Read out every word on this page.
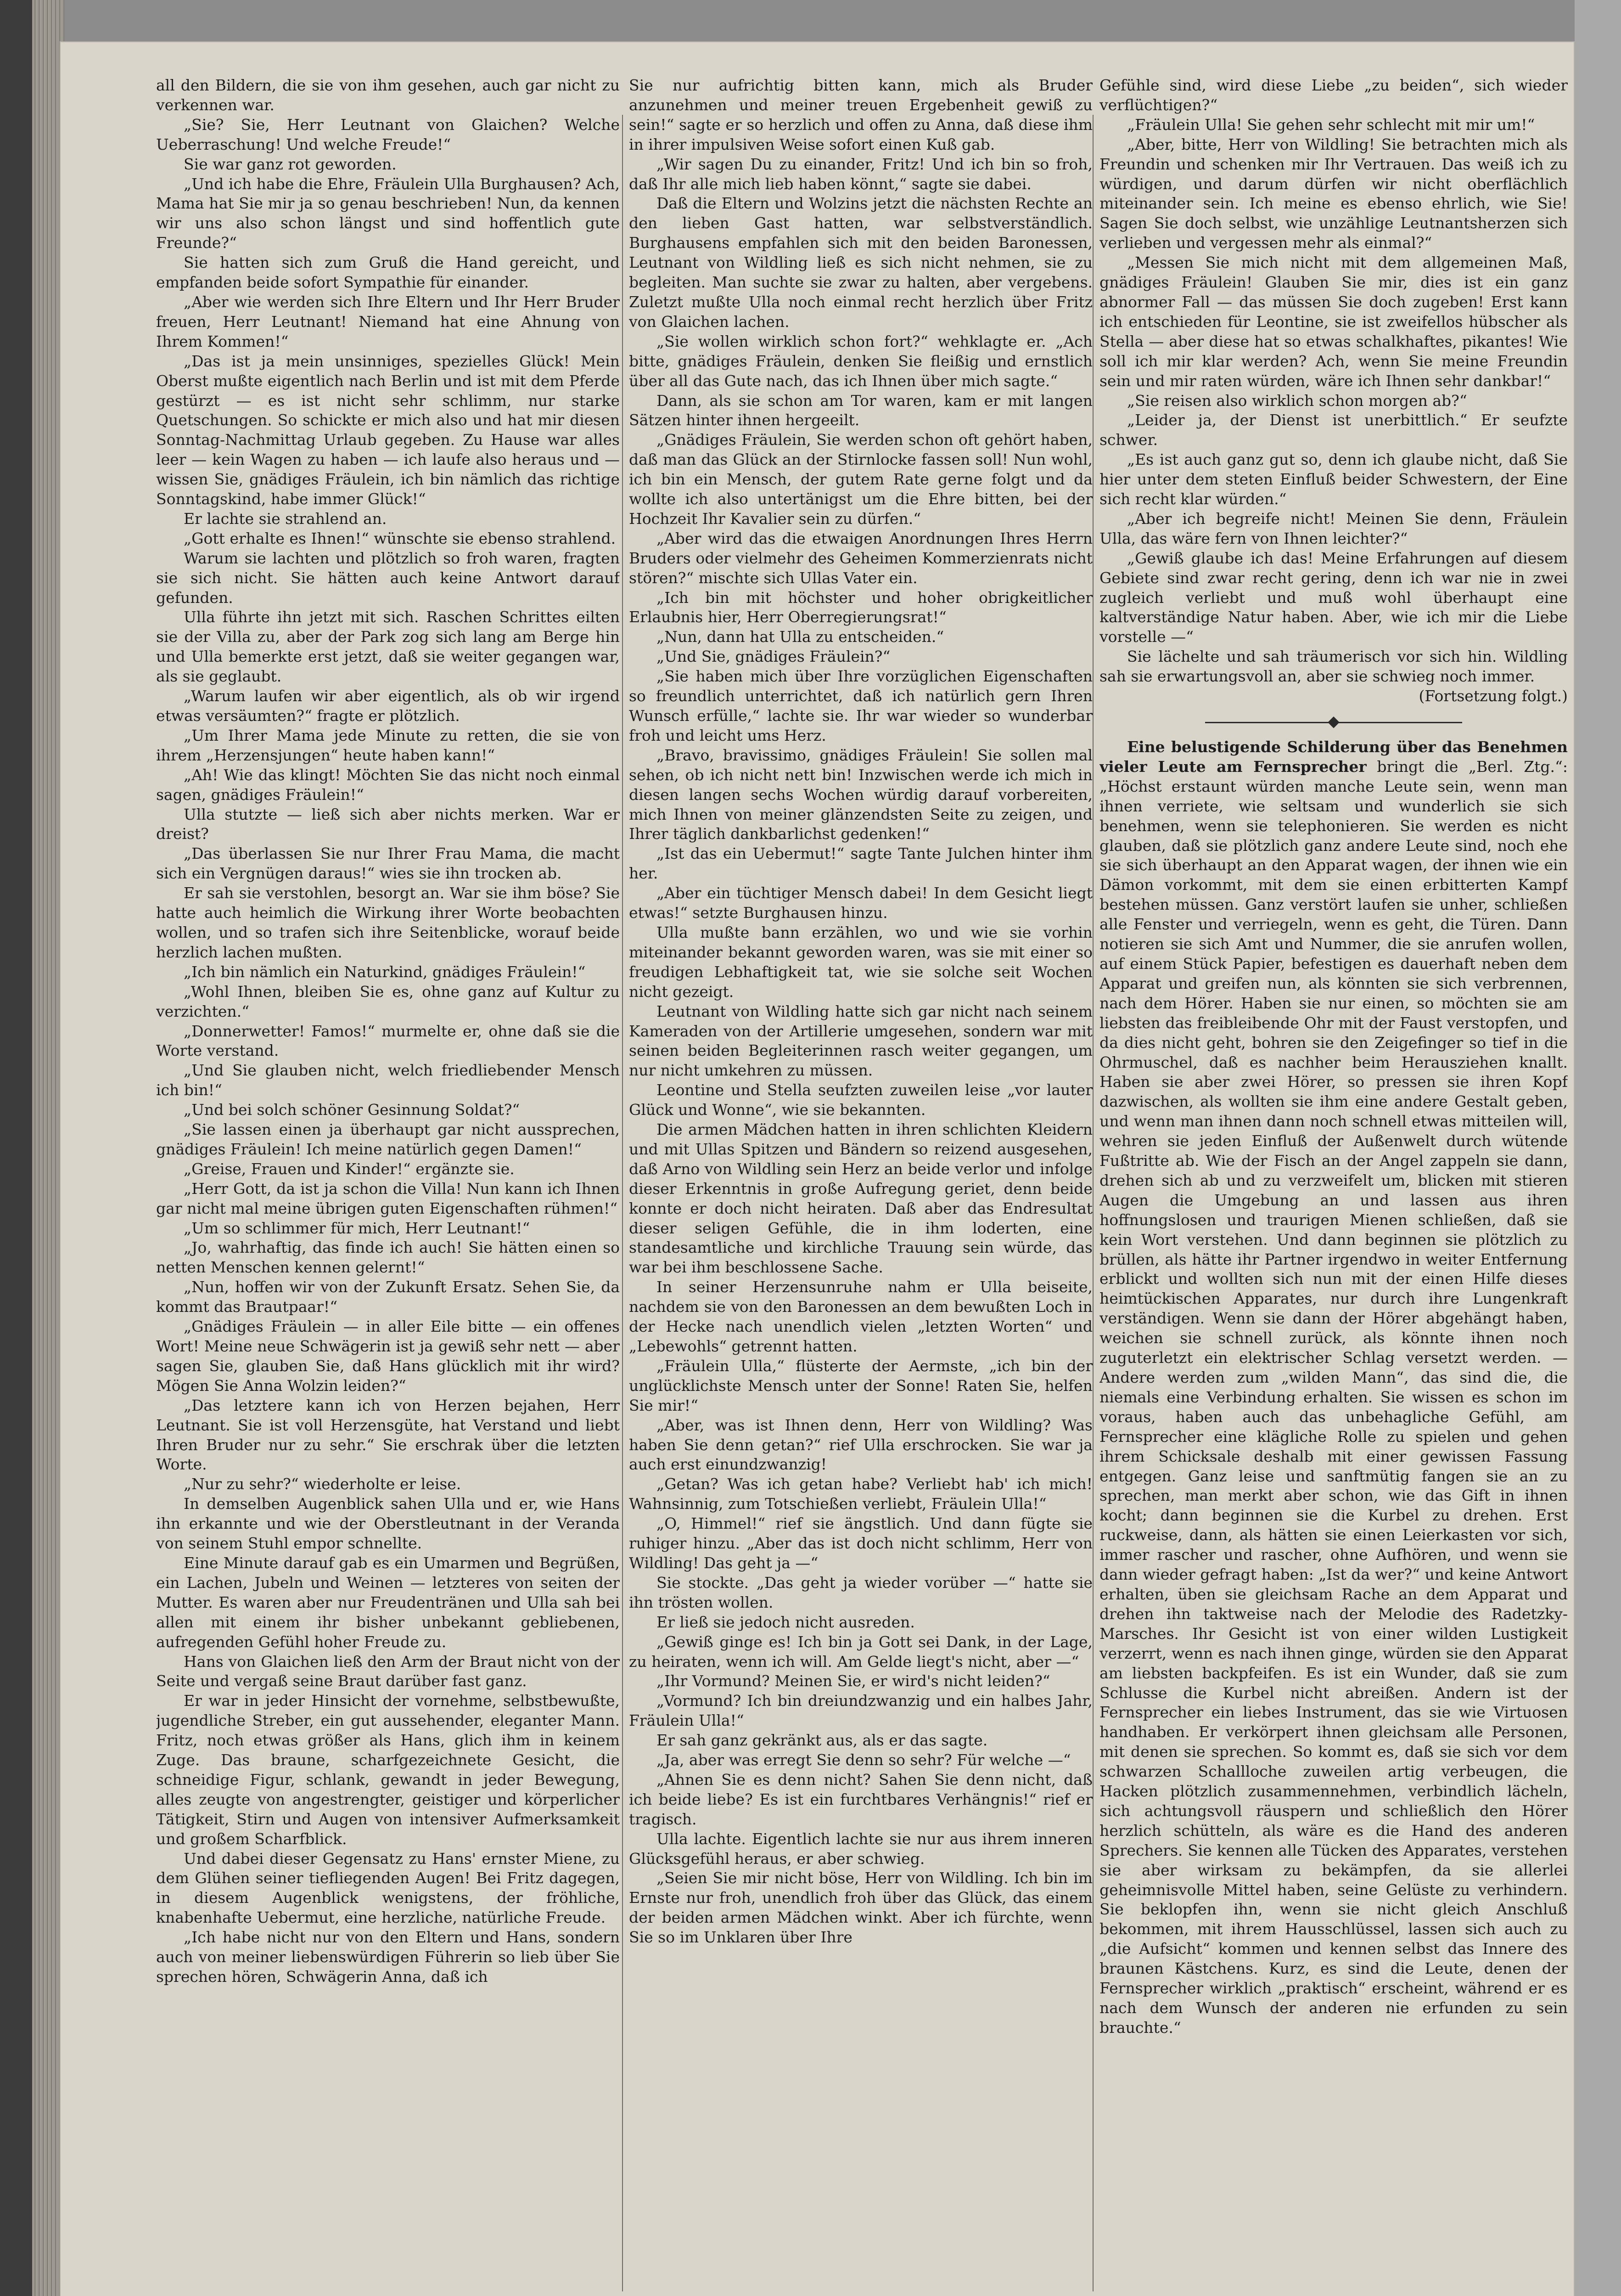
all den Bildern, die sie von ihm gesehen, auch gar nicht zu verkennen war.

„Sie? Sie, Herr Leutnant von Glaichen? Welche Ueberraschung! Und welche Freude!“

Sie war ganz rot geworden.

„Und ich habe die Ehre, Fräulein Ulla Burghausen? Ach, Mama hat Sie mir ja so genau beschrieben! Nun, da kennen wir uns also schon längst und sind hoffentlich gute Freunde?“

Sie hatten sich zum Gruß die Hand gereicht, und empfanden beide sofort Sympathie für einander.

„Aber wie werden sich Ihre Eltern und Ihr Herr Bruder freuen, Herr Leutnant! Niemand hat eine Ahnung von Ihrem Kommen!“

„Das ist ja mein unsinniges, spezielles Glück! Mein Oberst mußte eigentlich nach Berlin und ist mit dem Pferde gestürzt — es ist nicht sehr schlimm, nur starke Quetschungen. So schickte er mich also und hat mir diesen Sonntag-Nachmittag Urlaub gegeben. Zu Hause war alles leer — kein Wagen zu haben — ich laufe also heraus und — wissen Sie, gnädiges Fräulein, ich bin nämlich das richtige Sonntagskind, habe immer Glück!“

Er lachte sie strahlend an.

„Gott erhalte es Ihnen!“ wünschte sie ebenso strahlend.

Warum sie lachten und plötzlich so froh waren, fragten sie sich nicht. Sie hätten auch keine Antwort darauf gefunden.

Ulla führte ihn jetzt mit sich. Raschen Schrittes eilten sie der Villa zu, aber der Park zog sich lang am Berge hin und Ulla bemerkte erst jetzt, daß sie weiter gegangen war, als sie geglaubt.

„Warum laufen wir aber eigentlich, als ob wir irgend etwas versäumten?“ fragte er plötzlich.

„Um Ihrer Mama jede Minute zu retten, die sie von ihrem „Herzensjungen“ heute haben kann!“

„Ah! Wie das klingt! Möchten Sie das nicht noch einmal sagen, gnädiges Fräulein!“

Ulla stutzte — ließ sich aber nichts merken. War er dreist?

„Das überlassen Sie nur Ihrer Frau Mama, die macht sich ein Vergnügen daraus!“ wies sie ihn trocken ab.

Er sah sie verstohlen, besorgt an. War sie ihm böse? Sie hatte auch heimlich die Wirkung ihrer Worte beobachten wollen, und so trafen sich ihre Seitenblicke, worauf beide herzlich lachen mußten.

„Ich bin nämlich ein Naturkind, gnädiges Fräulein!“

„Wohl Ihnen, bleiben Sie es, ohne ganz auf Kultur zu verzichten.“

„Donnerwetter! Famos!“ murmelte er, ohne daß sie die Worte verstand.

„Und Sie glauben nicht, welch friedliebender Mensch ich bin!“

„Und bei solch schöner Gesinnung Soldat?“

„Sie lassen einen ja überhaupt gar nicht aussprechen, gnädiges Fräulein! Ich meine natürlich gegen Damen!“

„Greise, Frauen und Kinder!“ ergänzte sie.

„Herr Gott, da ist ja schon die Villa! Nun kann ich Ihnen gar nicht mal meine übrigen guten Eigenschaften rühmen!“

„Um so schlimmer für mich, Herr Leutnant!“

„Jo, wahrhaftig, das finde ich auch! Sie hätten einen so netten Menschen kennen gelernt!“

„Nun, hoffen wir von der Zukunft Ersatz. Sehen Sie, da kommt das Brautpaar!“

„Gnädiges Fräulein — in aller Eile bitte — ein offenes Wort! Meine neue Schwägerin ist ja gewiß sehr nett — aber sagen Sie, glauben Sie, daß Hans glücklich mit ihr wird? Mögen Sie Anna Wolzin leiden?“

„Das letztere kann ich von Herzen bejahen, Herr Leutnant. Sie ist voll Herzensgüte, hat Verstand und liebt Ihren Bruder nur zu sehr.“ Sie erschrak über die letzten Worte.

„Nur zu sehr?“ wiederholte er leise.

In demselben Augenblick sahen Ulla und er, wie Hans ihn erkannte und wie der Oberstleutnant in der Veranda von seinem Stuhl empor schnellte.

Eine Minute darauf gab es ein Umarmen und Begrüßen, ein Lachen, Jubeln und Weinen — letzteres von seiten der Mutter. Es waren aber nur Freudentränen und Ulla sah bei allen mit einem ihr bisher unbekannt gebliebenen, aufregenden Gefühl hoher Freude zu.

Hans von Glaichen ließ den Arm der Braut nicht von der Seite und vergaß seine Braut darüber fast ganz.

Er war in jeder Hinsicht der vornehme, selbstbewußte, jugendliche Streber, ein gut aussehender, eleganter Mann. Fritz, noch etwas größer als Hans, glich ihm in keinem Zuge. Das braune, scharfgezeichnete Gesicht, die schneidige Figur, schlank, gewandt in jeder Bewegung, alles zeugte von angestrengter, geistiger und körperlicher Tätigkeit, Stirn und Augen von intensiver Aufmerksamkeit und großem Scharfblick.

Und dabei dieser Gegensatz zu Hans' ernster Miene, zu dem Glühen seiner tiefliegenden Augen! Bei Fritz dagegen, in diesem Augenblick wenigstens, der fröhliche, knabenhafte Uebermut, eine herzliche, natürliche Freude.

„Ich habe nicht nur von den Eltern und Hans, sondern auch von meiner liebenswürdigen Führerin so lieb über Sie sprechen hören, Schwägerin Anna, daß ich

Sie nur aufrichtig bitten kann, mich als Bruder anzunehmen und meiner treuen Ergebenheit gewiß zu sein!“ sagte er so herzlich und offen zu Anna, daß diese ihm in ihrer impulsiven Weise sofort einen Kuß gab.

„Wir sagen Du zu einander, Fritz! Und ich bin so froh, daß Ihr alle mich lieb haben könnt,“ sagte sie dabei.

Daß die Eltern und Wolzins jetzt die nächsten Rechte an den lieben Gast hatten, war selbstverständlich. Burghausens empfahlen sich mit den beiden Baronessen, Leutnant von Wildling ließ es sich nicht nehmen, sie zu begleiten. Man suchte sie zwar zu halten, aber vergebens. Zuletzt mußte Ulla noch einmal recht herzlich über Fritz von Glaichen lachen.

„Sie wollen wirklich schon fort?“ wehklagte er. „Ach bitte, gnädiges Fräulein, denken Sie fleißig und ernstlich über all das Gute nach, das ich Ihnen über mich sagte.“

Dann, als sie schon am Tor waren, kam er mit langen Sätzen hinter ihnen hergeeilt.

„Gnädiges Fräulein, Sie werden schon oft gehört haben, daß man das Glück an der Stirnlocke fassen soll! Nun wohl, ich bin ein Mensch, der gutem Rate gerne folgt und da wollte ich also untertänigst um die Ehre bitten, bei der Hochzeit Ihr Kavalier sein zu dürfen.“

„Aber wird das die etwaigen Anordnungen Ihres Herrn Bruders oder vielmehr des Geheimen Kommerzienrats nicht stören?“ mischte sich Ullas Vater ein.

„Ich bin mit höchster und hoher obrigkeitlicher Erlaubnis hier, Herr Oberregierungsrat!“

„Nun, dann hat Ulla zu entscheiden.“

„Und Sie, gnädiges Fräulein?“

„Sie haben mich über Ihre vorzüglichen Eigenschaften so freundlich unterrichtet, daß ich natürlich gern Ihren Wunsch erfülle,“ lachte sie. Ihr war wieder so wunderbar froh und leicht ums Herz.

„Bravo, bravissimo, gnädiges Fräulein! Sie sollen mal sehen, ob ich nicht nett bin! Inzwischen werde ich mich in diesen langen sechs Wochen würdig darauf vorbereiten, mich Ihnen von meiner glänzendsten Seite zu zeigen, und Ihrer täglich dankbarlichst gedenken!“

„Ist das ein Uebermut!“ sagte Tante Julchen hinter ihm her.

„Aber ein tüchtiger Mensch dabei! In dem Gesicht liegt etwas!“ setzte Burghausen hinzu.

Ulla mußte bann erzählen, wo und wie sie vorhin miteinander bekannt geworden waren, was sie mit einer so freudigen Lebhaftigkeit tat, wie sie solche seit Wochen nicht gezeigt.

Leutnant von Wildling hatte sich gar nicht nach seinem Kameraden von der Artillerie umgesehen, sondern war mit seinen beiden Begleiterinnen rasch weiter gegangen, um nur nicht umkehren zu müssen.

Leontine und Stella seufzten zuweilen leise „vor lauter Glück und Wonne“, wie sie bekannten.

Die armen Mädchen hatten in ihren schlichten Kleidern und mit Ullas Spitzen und Bändern so reizend ausgesehen, daß Arno von Wildling sein Herz an beide verlor und infolge dieser Erkenntnis in große Aufregung geriet, denn beide konnte er doch nicht heiraten. Daß aber das Endresultat dieser seligen Gefühle, die in ihm loderten, eine standesamtliche und kirchliche Trauung sein würde, das war bei ihm beschlossene Sache.

In seiner Herzensunruhe nahm er Ulla beiseite, nachdem sie von den Baronessen an dem bewußten Loch in der Hecke nach unendlich vielen „letzten Worten“ und „Lebewohls“ getrennt hatten.

„Fräulein Ulla,“ flüsterte der Aermste, „ich bin der unglücklichste Mensch unter der Sonne! Raten Sie, helfen Sie mir!“

„Aber, was ist Ihnen denn, Herr von Wildling? Was haben Sie denn getan?“ rief Ulla erschrocken. Sie war ja auch erst einundzwanzig!

„Getan? Was ich getan habe? Verliebt hab' ich mich! Wahnsinnig, zum Totschießen verliebt, Fräulein Ulla!“

„O, Himmel!“ rief sie ängstlich. Und dann fügte sie ruhiger hinzu. „Aber das ist doch nicht schlimm, Herr von Wildling! Das geht ja —“

Sie stockte. „Das geht ja wieder vorüber —“ hatte sie ihn trösten wollen.

Er ließ sie jedoch nicht ausreden.

„Gewiß ginge es! Ich bin ja Gott sei Dank, in der Lage, zu heiraten, wenn ich will. Am Gelde liegt's nicht, aber —“

„Ihr Vormund? Meinen Sie, er wird's nicht leiden?“

„Vormund? Ich bin dreiundzwanzig und ein halbes Jahr, Fräulein Ulla!“

Er sah ganz gekränkt aus, als er das sagte.

„Ja, aber was erregt Sie denn so sehr? Für welche —“

„Ahnen Sie es denn nicht? Sahen Sie denn nicht, daß ich beide liebe? Es ist ein furchtbares Verhängnis!“ rief er tragisch.

Ulla lachte. Eigentlich lachte sie nur aus ihrem inneren Glücksgefühl heraus, er aber schwieg.

„Seien Sie mir nicht böse, Herr von Wildling. Ich bin im Ernste nur froh, unendlich froh über das Glück, das einem der beiden armen Mädchen winkt. Aber ich fürchte, wenn Sie so im Unklaren über Ihre

Gefühle sind, wird diese Liebe „zu beiden“, sich wieder verflüchtigen?“

„Fräulein Ulla! Sie gehen sehr schlecht mit mir um!“

„Aber, bitte, Herr von Wildling! Sie betrachten mich als Freundin und schenken mir Ihr Vertrauen. Das weiß ich zu würdigen, und darum dürfen wir nicht oberflächlich miteinander sein. Ich meine es ebenso ehrlich, wie Sie! Sagen Sie doch selbst, wie unzählige Leutnantsherzen sich verlieben und vergessen mehr als einmal?“

„Messen Sie mich nicht mit dem allgemeinen Maß, gnädiges Fräulein! Glauben Sie mir, dies ist ein ganz abnormer Fall — das müssen Sie doch zugeben! Erst kann ich entschieden für Leontine, sie ist zweifellos hübscher als Stella — aber diese hat so etwas schalkhaftes, pikantes! Wie soll ich mir klar werden? Ach, wenn Sie meine Freundin sein und mir raten würden, wäre ich Ihnen sehr dankbar!“

„Sie reisen also wirklich schon morgen ab?“

„Leider ja, der Dienst ist unerbittlich.“ Er seufzte schwer.

„Es ist auch ganz gut so, denn ich glaube nicht, daß Sie hier unter dem steten Einfluß beider Schwestern, der Eine sich recht klar würden.“

„Aber ich begreife nicht! Meinen Sie denn, Fräulein Ulla, das wäre fern von Ihnen leichter?“

„Gewiß glaube ich das! Meine Erfahrungen auf diesem Gebiete sind zwar recht gering, denn ich war nie in zwei zugleich verliebt und muß wohl überhaupt eine kaltverständige Natur haben. Aber, wie ich mir die Liebe vorstelle —“

Sie lächelte und sah träumerisch vor sich hin. Wildling sah sie erwartungsvoll an, aber sie schwieg noch immer.

(Fortsetzung folgt.)

Eine belustigende Schilderung über das Benehmen vieler Leute am Fernsprecher bringt die „Berl. Ztg.“: „Höchst erstaunt würden manche Leute sein, wenn man ihnen verriete, wie seltsam und wunderlich sie sich benehmen, wenn sie telephonieren. Sie werden es nicht glauben, daß sie plötzlich ganz andere Leute sind, noch ehe sie sich überhaupt an den Apparat wagen, der ihnen wie ein Dämon vorkommt, mit dem sie einen erbitterten Kampf bestehen müssen. Ganz verstört laufen sie unher, schließen alle Fenster und verriegeln, wenn es geht, die Türen. Dann notieren sie sich Amt und Nummer, die sie anrufen wollen, auf einem Stück Papier, befestigen es dauerhaft neben dem Apparat und greifen nun, als könnten sie sich verbrennen, nach dem Hörer. Haben sie nur einen, so möchten sie am liebsten das freibleibende Ohr mit der Faust verstopfen, und da dies nicht geht, bohren sie den Zeigefinger so tief in die Ohrmuschel, daß es nachher beim Herausziehen knallt. Haben sie aber zwei Hörer, so pressen sie ihren Kopf dazwischen, als wollten sie ihm eine andere Gestalt geben, und wenn man ihnen dann noch schnell etwas mitteilen will, wehren sie jeden Einfluß der Außenwelt durch wütende Fußtritte ab. Wie der Fisch an der Angel zappeln sie dann, drehen sich ab und zu verzweifelt um, blicken mit stieren Augen die Umgebung an und lassen aus ihren hoffnungslosen und traurigen Mienen schließen, daß sie kein Wort verstehen. Und dann beginnen sie plötzlich zu brüllen, als hätte ihr Partner irgendwo in weiter Entfernung erblickt und wollten sich nun mit der einen Hilfe dieses heimtückischen Apparates, nur durch ihre Lungenkraft verständigen. Wenn sie dann der Hörer abgehängt haben, weichen sie schnell zurück, als könnte ihnen noch zuguterletzt ein elektrischer Schlag versetzt werden. — Andere werden zum „wilden Mann“, das sind die, die niemals eine Verbindung erhalten. Sie wissen es schon im voraus, haben auch das unbehagliche Gefühl, am Fernsprecher eine klägliche Rolle zu spielen und gehen ihrem Schicksale deshalb mit einer gewissen Fassung entgegen. Ganz leise und sanftmütig fangen sie an zu sprechen, man merkt aber schon, wie das Gift in ihnen kocht; dann beginnen sie die Kurbel zu drehen. Erst ruckweise, dann, als hätten sie einen Leierkasten vor sich, immer rascher und rascher, ohne Aufhören, und wenn sie dann wieder gefragt haben: „Ist da wer?“ und keine Antwort erhalten, üben sie gleichsam Rache an dem Apparat und drehen ihn taktweise nach der Melodie des Radetzky-Marsches. Ihr Gesicht ist von einer wilden Lustigkeit verzerrt, wenn es nach ihnen ginge, würden sie den Apparat am liebsten backpfeifen. Es ist ein Wunder, daß sie zum Schlusse die Kurbel nicht abreißen. Andern ist der Fernsprecher ein liebes Instrument, das sie wie Virtuosen handhaben. Er verkörpert ihnen gleichsam alle Personen, mit denen sie sprechen. So kommt es, daß sie sich vor dem schwarzen Schallloche zuweilen artig verbeugen, die Hacken plötzlich zusammennehmen, verbindlich lächeln, sich achtungsvoll räuspern und schließlich den Hörer herzlich schütteln, als wäre es die Hand des anderen Sprechers. Sie kennen alle Tücken des Apparates, verstehen sie aber wirksam zu bekämpfen, da sie allerlei geheimnisvolle Mittel haben, seine Gelüste zu verhindern. Sie beklopfen ihn, wenn sie nicht gleich Anschluß bekommen, mit ihrem Hausschlüssel, lassen sich auch zu „die Aufsicht“ kommen und kennen selbst das Innere des braunen Kästchens. Kurz, es sind die Leute, denen der Fernsprecher wirklich „praktisch“ erscheint, während er es nach dem Wunsch der anderen nie erfunden zu sein brauchte.“
